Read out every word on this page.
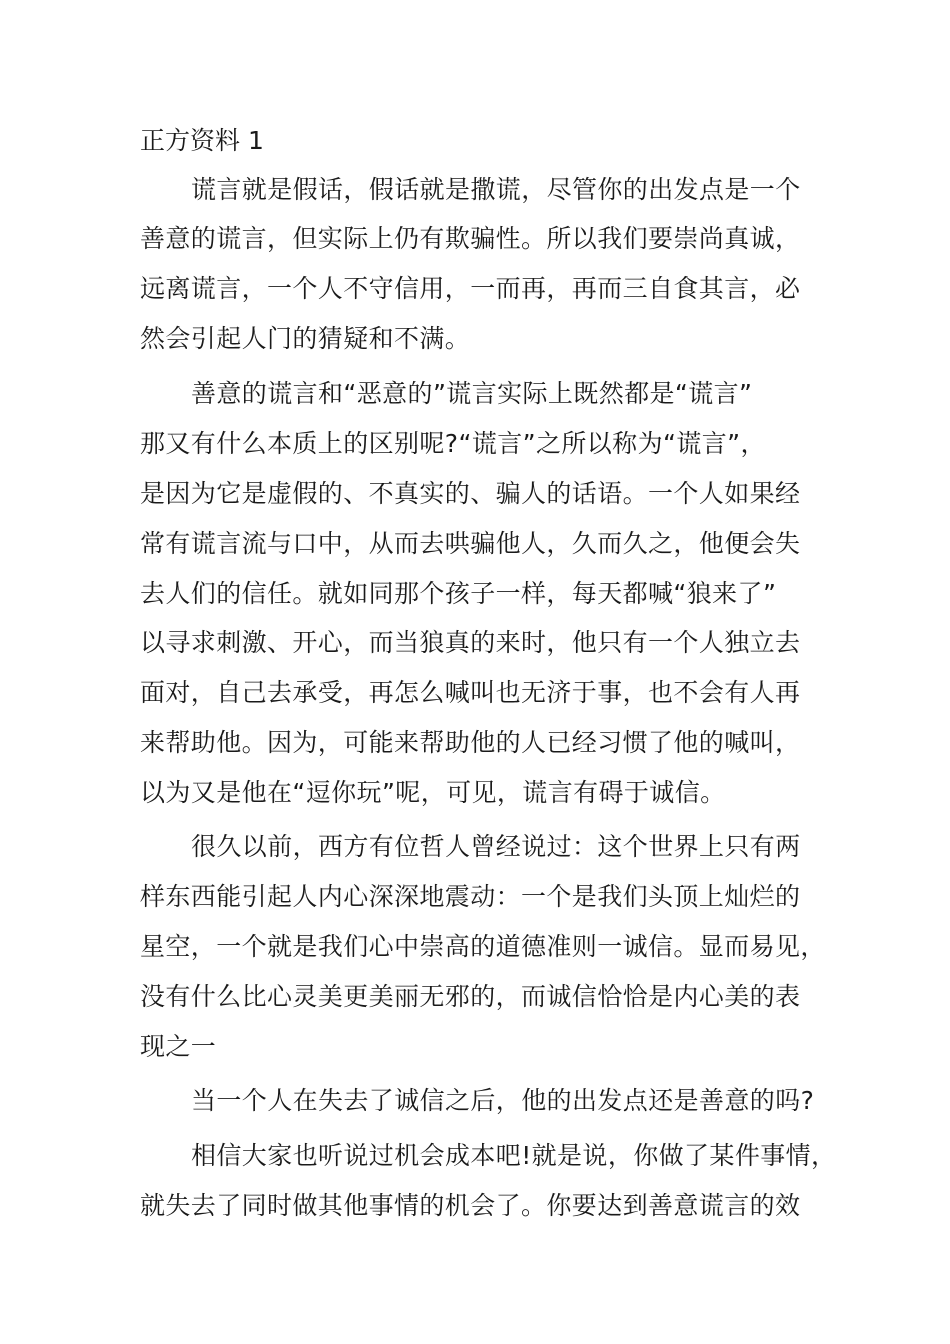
正方资料 1
谎言就是假话，假话就是撒谎，尽管你的出发点是一个
善意的谎言，但实际上仍有欺骗性。所以我们要崇尚真诚，
远离谎言，一个人不守信用，一而再，再而三自食其言，必
然会引起人门的猜疑和不满。
善意的谎言和“恶意的”谎言实际上既然都是“谎言”
那又有什么本质上的区别呢?“谎言”之所以称为“谎言”，
是因为它是虚假的、不真实的、骗人的话语。一个人如果经
常有谎言流与口中，从而去哄骗他人，久而久之，他便会失
去人们的信任。就如同那个孩子一样，每天都喊“狼来了”
以寻求刺激、开心，而当狼真的来时，他只有一个人独立去
面对，自己去承受，再怎么喊叫也无济于事，也不会有人再
来帮助他。因为，可能来帮助他的人已经习惯了他的喊叫，
以为又是他在“逗你玩”呢，可见，谎言有碍于诚信。
很久以前，西方有位哲人曾经说过：这个世界上只有两
样东西能引起人内心深深地震动：一个是我们头顶上灿烂的
星空，一个就是我们心中崇高的道德准则一诚信。显而易见，
没有什么比心灵美更美丽无邪的，而诚信恰恰是内心美的表
现之一
当一个人在失去了诚信之后，他的出发点还是善意的吗?
相信大家也听说过机会成本吧!就是说，你做了某件事情，
就失去了同时做其他事情的机会了。你要达到善意谎言的效
